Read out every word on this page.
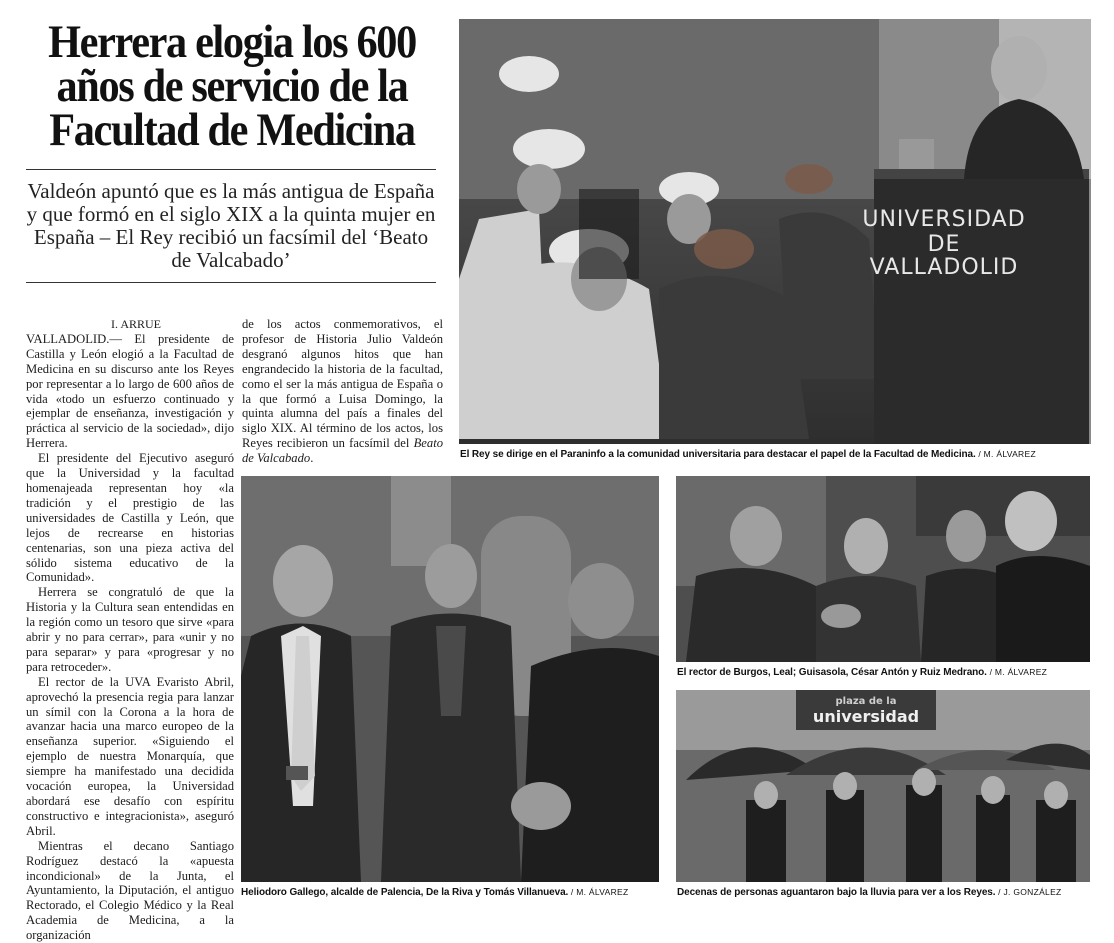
Herrera elogia los 600 años de servicio de la Facultad de Medicina
Valdeón apuntó que es la más antigua de España y que formó en el siglo XIX a la quinta mujer en España – El Rey recibió un facsímil del ‘Beato de Valcabado’

I. ARRUE

VALLADOLID.— El presidente de Castilla y León elogió a la Facultad de Medicina en su discurso ante los Reyes por representar a lo largo de 600 años de vida «todo un esfuerzo continuado y ejemplar de enseñanza, investigación y práctica al servicio de la sociedad», dijo Herrera.

El presidente del Ejecutivo aseguró que la Universidad y la facultad homenajeada representan hoy «la tradición y el prestigio de las universidades de Castilla y León, que lejos de recrearse en historias centenarias, son una pieza activa del sólido sistema educativo de la Comunidad».

Herrera se congratuló de que la Historia y la Cultura sean entendidas en la región como un tesoro que sirve «para abrir y no para cerrar», para «unir y no para separar» y para «progresar y no para retroceder».

El rector de la UVA Evaristo Abril, aprovechó la presencia regia para lanzar un símil con la Corona a la hora de avanzar hacia una marco europeo de la enseñanza superior. «Siguiendo el ejemplo de nuestra Monarquía, que siempre ha manifestado una decidida vocación europea, la Universidad abordará ese desafío con espíritu constructivo e integracionista», aseguró Abril.

Mientras el decano Santiago Rodríguez destacó la «apuesta incondicional» de la Junta, el Ayuntamiento, la Diputación, el antiguo Rectorado, el Colegio Médico y la Real Academia de Medicina, a la organización

de los actos conmemorativos, el profesor de Historia Julio Valdeón desgranó algunos hitos que han engrandecido la historia de la facultad, como el ser la más antigua de España o la que formó a Luisa Domingo, la quinta alumna del país a finales del siglo XIX. Al término de los actos, los Reyes recibieron un facsímil del Beato de Valcabado.

UNIVERSIDAD
DE
VALLADOLID
El Rey se dirige en el Paraninfo a la comunidad universitaria para destacar el papel de la Facultad de Medicina. / M. ÁLVAREZ
Heliodoro Gallego, alcalde de Palencia, De la Riva y Tomás Villanueva. / M. ÁLVAREZ
El rector de Burgos, Leal; Guisasola, César Antón y Ruiz Medrano. / M. ÁLVAREZ
plaza de la
universidad
Decenas de personas aguantaron bajo la lluvia para ver a los Reyes. / J. GONZÁLEZ
